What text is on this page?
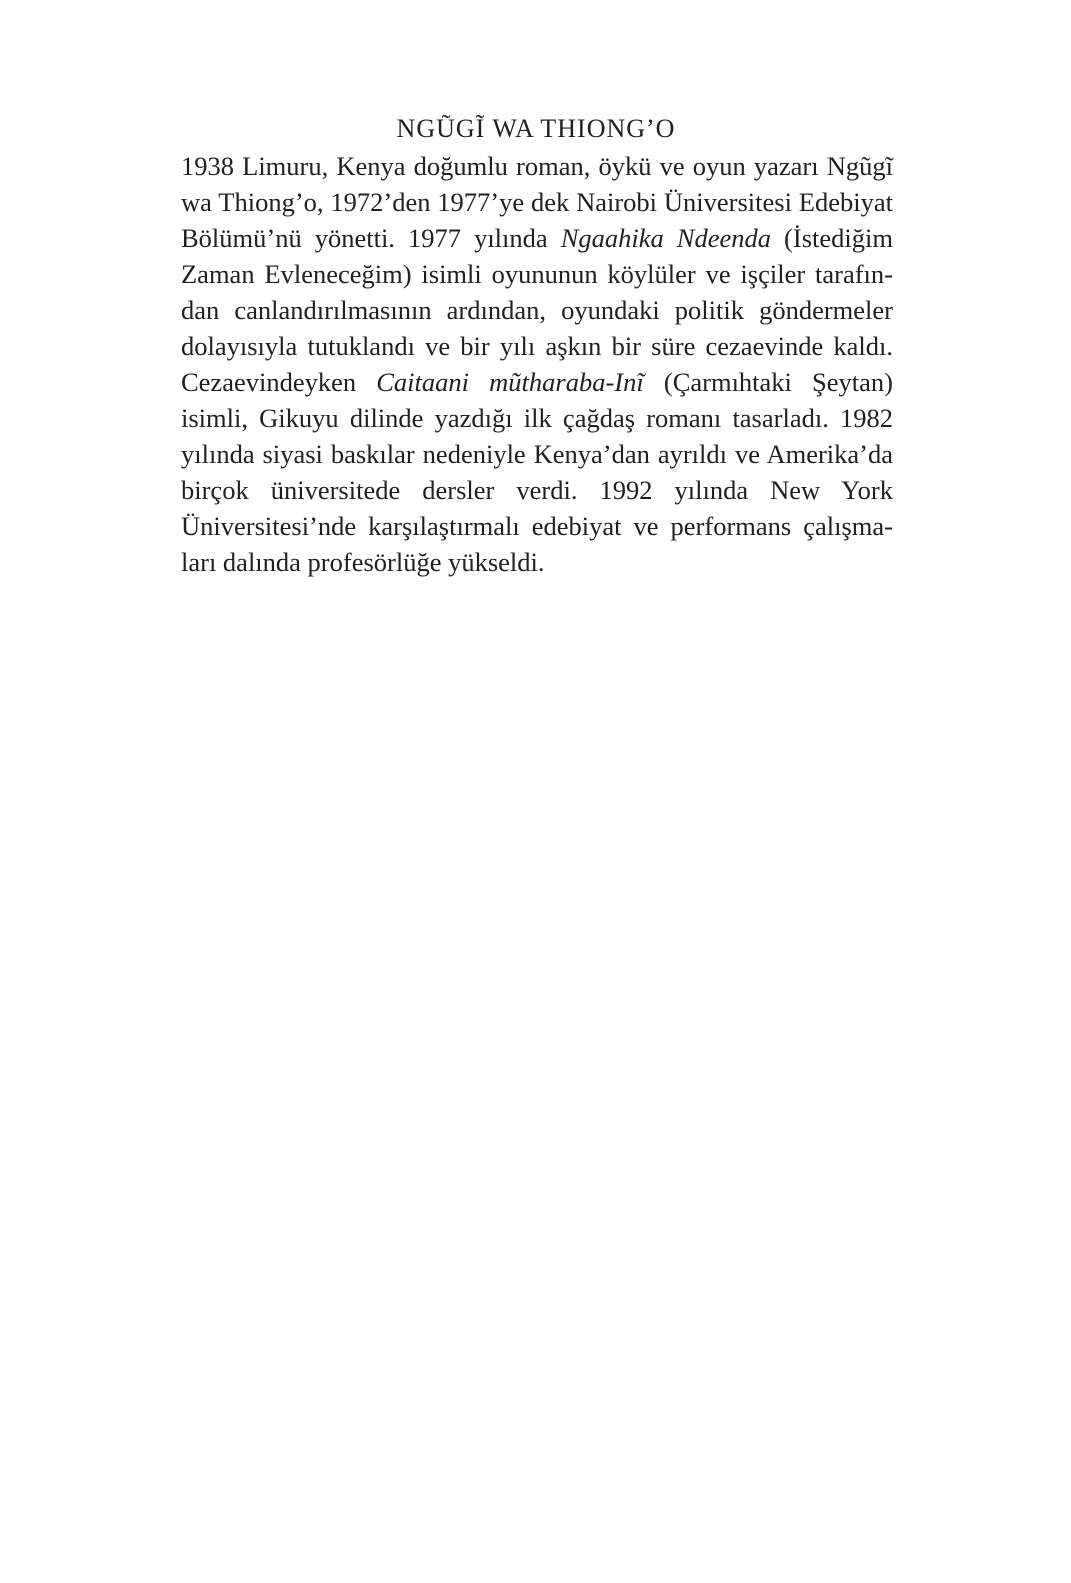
NGŨGĨ WA THIONG’O
1938 Limuru, Kenya doğumlu roman, öykü ve oyun yazarı Ngũgĩ
wa Thiong’o, 1972’den 1977’ye dek Nairobi Üniversitesi Edebiyat
Bölümü’nü yönetti. 1977 yılında Ngaahika Ndeenda (İstediğim
Zaman Evleneceğim) isimli oyununun köylüler ve işçiler tarafın-
dan canlandırılmasının ardından, oyundaki politik göndermeler
dolayısıyla tutuklandı ve bir yılı aşkın bir süre cezaevinde kaldı.
Cezaevindeyken Caitaani mũtharaba-Inĩ (Çarmıhtaki Şeytan)
isimli, Gikuyu dilinde yazdığı ilk çağdaş romanı tasarladı. 1982
yılında siyasi baskılar nedeniyle Kenya’dan ayrıldı ve Amerika’da
birçok üniversitede dersler verdi. 1992 yılında New York
Üniversitesi’nde karşılaştırmalı edebiyat ve performans çalışma-
ları dalında profesörlüğe yükseldi.
